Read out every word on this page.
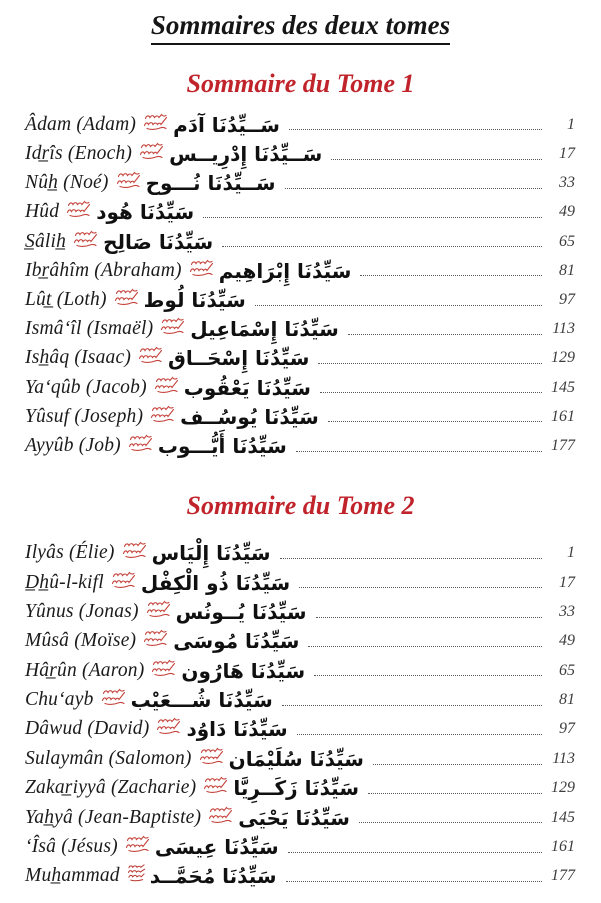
Sommaires des deux tomes
Sommaire du Tome 1
Âdam (Adam) سَــيِّدُنَا آدَم	1
Idr̲îs (Enoch) سَــيِّدُنَا إِدْرِيــس	17
Nûh̲ (Noé) سَــيِّدُنَا نُـــوح	33
Hûd سَيِّدُنَا هُود	49
S̲âlih̲ سَيِّدُنَا صَالِح	65
Ibr̲âhîm (Abraham) سَيِّدُنَا إِبْرَاهِيم	81
Lût̲ (Loth) سَيِّدُنَا لُوط	97
Ismâ‘îl (Ismaël) سَيِّدُنَا إِسْمَاعِيل	113
Ish̲âq (Isaac) سَيِّدُنَا إِسْحَــاق	129
Ya‘qûb (Jacob) سَيِّدُنَا يَعْقُوب	145
Yûsuf (Joseph) سَيِّدُنَا يُوسُــف	161
Ayyûb (Job) سَيِّدُنَا أَيُّـــوب	177
Sommaire du Tome 2
Ilyâs (Élie) سَيِّدُنَا إِلْيَاس	1
D̲h̲û-l-kifl سَيِّدُنَا ذُو الْكِفْل	17
Yûnus (Jonas) سَيِّدُنَا يُــونُس	33
Mûsâ (Moïse) سَيِّدُنَا مُوسَى	49
Hâr̲ûn (Aaron) سَيِّدُنَا هَارُون	65
Chu‘ayb سَيِّدُنَا شُـــعَيْب	81
Dâwud (David) سَيِّدُنَا دَاوُد	97
Sulaymân (Salomon) سَيِّدُنَا سُلَيْمَان	113
Zakar̲iyyâ (Zacharie) سَيِّدُنَا زَكَــرِيَّا	129
Yah̲yâ (Jean-Baptiste) سَيِّدُنَا يَحْيَى	145
‘Îsâ (Jésus) سَيِّدُنَا عِيسَى	161
Muh̲ammad سَيِّدُنَا مُحَمَّــد	177
